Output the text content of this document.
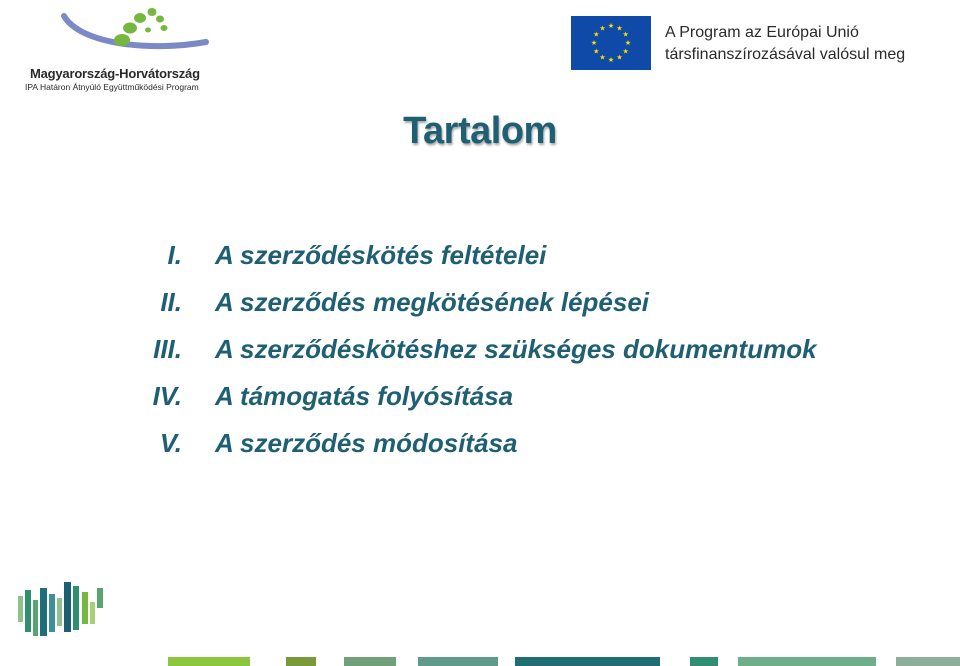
Magyarország-Horvátország
IPA Határon Átnyúló Együttműködési Program
★ ★
★
★
★
★
★
★
★
★
★
★	A Program az Európai Unió
társfinanszírozásával valósul meg
Tartalom
I. A szerződéskötés feltételei
II. A szerződés megkötésének lépései
III. A szerződéskötéshez szükséges dokumentumok
IV. A támogatás folyósítása
V. A szerződés módosítása
